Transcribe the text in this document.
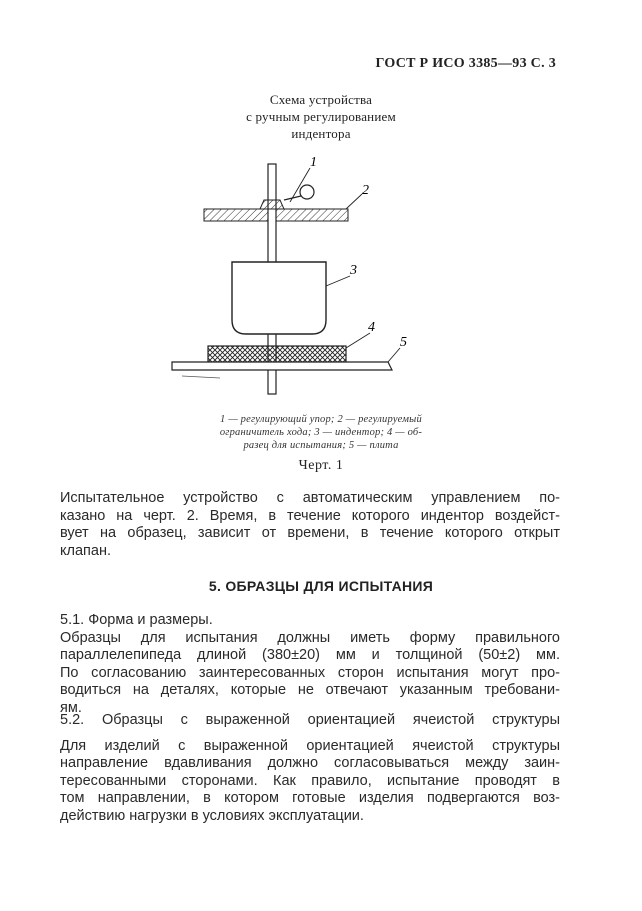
ГОСТ Р ИСО 3385—93 С. 3
Схема устройства
с ручным регулированием
индентора
1
2
3
4
5
1 — регулирующий упор; 2 — регулируемый
ограничитель хода; 3 — индентор; 4 — об-
разец для испытания; 5 — плита
Черт. 1
Испытательное устройство с автоматическим управлением по-
казано на черт. 2. Время, в течение которого индентор воздейст-
вует на образец, зависит от времени, в течение которого открыт
клапан.
5. ОБРАЗЦЫ ДЛЯ ИСПЫТАНИЯ
5.1. Форма и размеры.
Образцы для испытания должны иметь форму правильного
параллелепипеда длиной (380±20) мм и толщиной (50±2) мм.
По согласованию заинтересованных сторон испытания могут про-
водиться на деталях, которые не отвечают указанным требовани-
ям.
5.2. Образцы с выраженной ориентацией ячеистой структуры
Для изделий с выраженной ориентацией ячеистой структуры
направление вдавливания должно согласовываться между заин-
тересованными сторонами. Как правило, испытание проводят в
том направлении, в котором готовые изделия подвергаются воз-
действию нагрузки в условиях эксплуатации.
